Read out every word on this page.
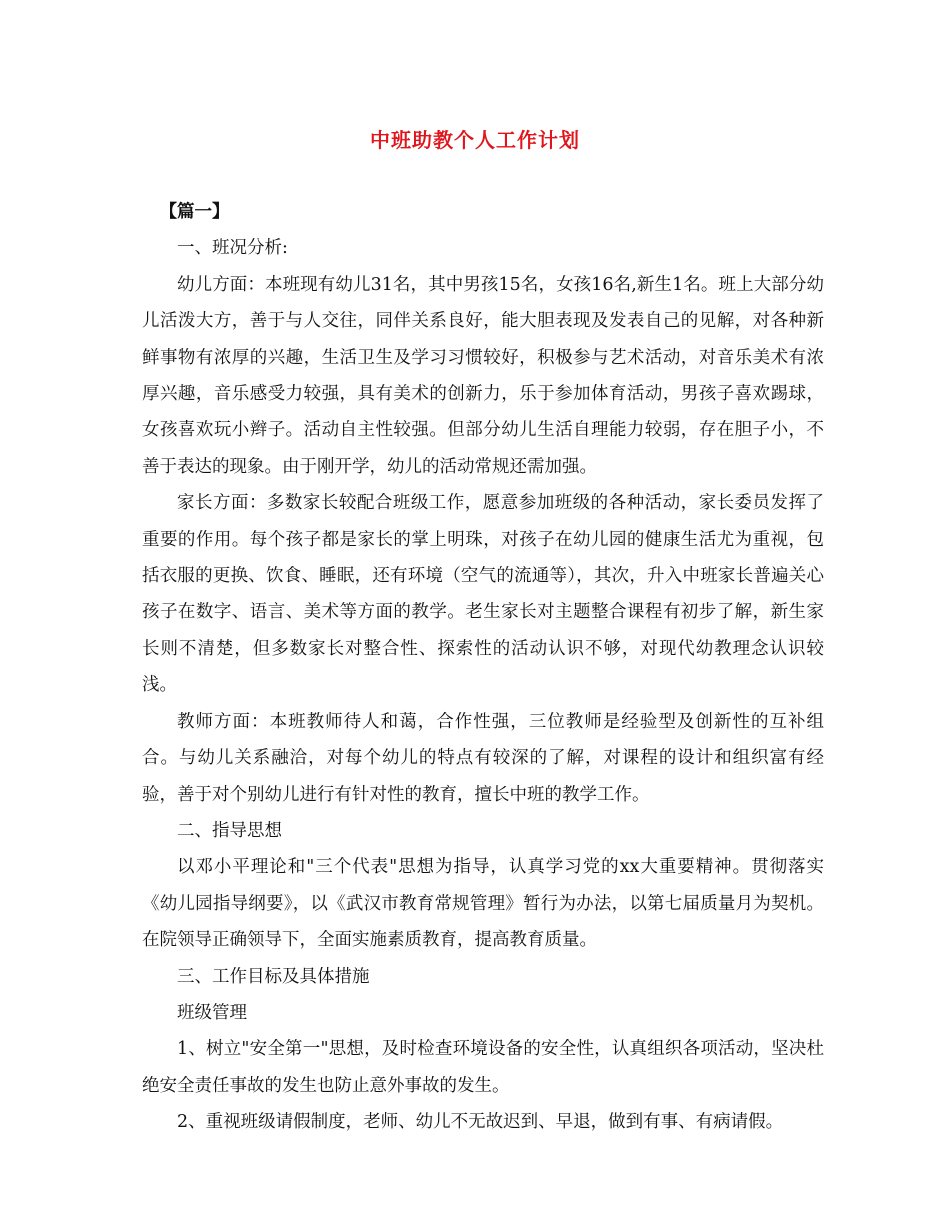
中班助教个人工作计划

【篇一】

一、班况分析:

幼儿方面：本班现有幼儿31名，其中男孩15名，女孩16名,新生1名。班上大部分幼儿活泼大方，善于与人交往，同伴关系良好，能大胆表现及发表自己的见解，对各种新鲜事物有浓厚的兴趣，生活卫生及学习习惯较好，积极参与艺术活动，对音乐美术有浓厚兴趣，音乐感受力较强，具有美术的创新力，乐于参加体育活动，男孩子喜欢踢球，女孩喜欢玩小辫子。活动自主性较强。但部分幼儿生活自理能力较弱，存在胆子小，不善于表达的现象。由于刚开学，幼儿的活动常规还需加强。

家长方面：多数家长较配合班级工作，愿意参加班级的各种活动，家长委员发挥了重要的作用。每个孩子都是家长的掌上明珠，对孩子在幼儿园的健康生活尤为重视，包括衣服的更换、饮食、睡眠，还有环境（空气的流通等），其次，升入中班家长普遍关心孩子在数字、语言、美术等方面的教学。老生家长对主题整合课程有初步了解，新生家长则不清楚，但多数家长对整合性、探索性的活动认识不够，对现代幼教理念认识较浅。

教师方面：本班教师待人和蔼，合作性强，三位教师是经验型及创新性的互补组合。与幼儿关系融洽，对每个幼儿的特点有较深的了解，对课程的设计和组织富有经验，善于对个别幼儿进行有针对性的教育，擅长中班的教学工作。

二、指导思想

以邓小平理论和"三个代表"思想为指导，认真学习党的xx大重要精神。贯彻落实《幼儿园指导纲要》，以《武汉市教育常规管理》暂行为办法，以第七届质量月为契机。在院领导正确领导下，全面实施素质教育，提高教育质量。

三、工作目标及具体措施

班级管理

1、树立"安全第一"思想，及时检查环境设备的安全性，认真组织各项活动，坚决杜绝安全责任事故的发生也防止意外事故的发生。

2、重视班级请假制度，老师、幼儿不无故迟到、早退，做到有事、有病请假。
